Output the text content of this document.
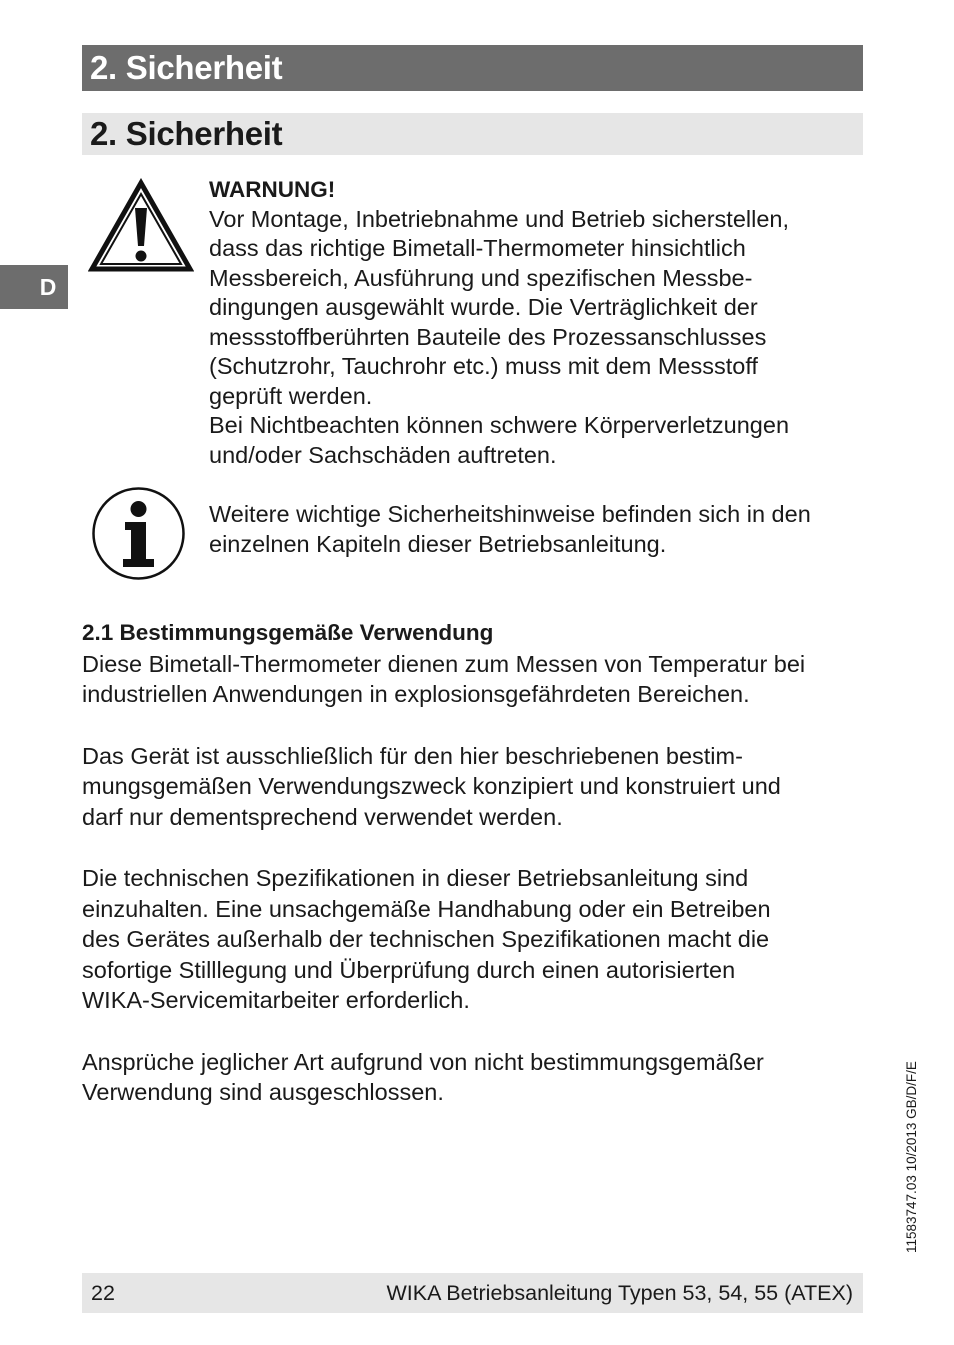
2. Sicherheit
2. Sicherheit
D
WARNUNG!
Vor Montage, Inbetriebnahme und Betrieb sicherstellen,
dass das richtige Bimetall-Thermometer hinsichtlich
Messbereich, Ausführung und spezifischen Messbe-
dingungen ausgewählt wurde. Die Verträglichkeit der
messstoffberührten Bauteile des Prozessanschlusses
(Schutzrohr, Tauchrohr etc.) muss mit dem Messstoff
geprüft werden.
Bei Nichtbeachten können schwere Körperverletzungen
und/oder Sachschäden auftreten.
Weitere wichtige Sicherheitshinweise befinden sich in den
einzelnen Kapiteln dieser Betriebsanleitung.
2.1 Bestimmungsgemäße Verwendung

Diese Bimetall-Thermometer dienen zum Messen von Temperatur bei
industriellen Anwendungen in explosionsgefährdeten Bereichen.

Das Gerät ist ausschließlich für den hier beschriebenen bestim-
mungsgemäßen Verwendungszweck konzipiert und konstruiert und
darf nur dementsprechend verwendet werden.

Die technischen Spezifikationen in dieser Betriebsanleitung sind
einzuhalten. Eine unsachgemäße Handhabung oder ein Betreiben
des Gerätes außerhalb der technischen Spezifikationen macht die
sofortige Stilllegung und Überprüfung durch einen autorisierten
WIKA-Servicemitarbeiter erforderlich.

Ansprüche jeglicher Art aufgrund von nicht bestimmungsgemäßer
Verwendung sind ausgeschlossen.	11583747.03 10/2013 GB/D/F/E
22	WIKA Betriebsanleitung Typen 53, 54, 55 (ATEX)
